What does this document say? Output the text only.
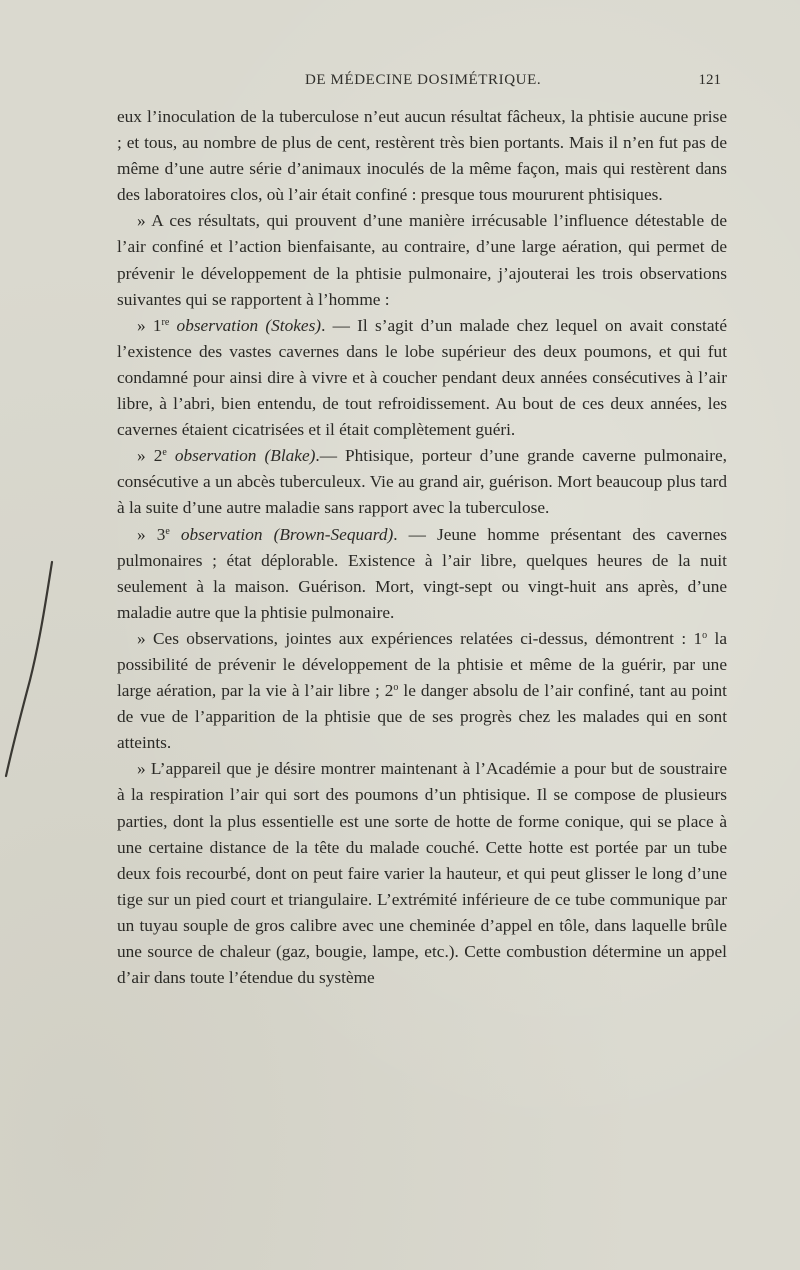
DE MÉDECINE DOSIMÉTRIQUE.	121

eux l’inoculation de la tuberculose n’eut aucun résultat fâcheux, la phtisie aucune prise ; et tous, au nombre de plus de cent, restèrent très bien portants. Mais il n’en fut pas de même d’une autre série d’animaux inoculés de la même façon, mais qui restèrent dans des laboratoires clos, où l’air était confiné : presque tous moururent phtisiques.

» A ces résultats, qui prouvent d’une manière irrécusable l’influence détestable de l’air confiné et l’action bienfaisante, au contraire, d’une large aération, qui permet de prévenir le développement de la phtisie pulmonaire, j’ajouterai les trois observations suivantes qui se rapportent à l’homme :

» 1re observation (Stokes). — Il s’agit d’un malade chez lequel on avait constaté l’existence des vastes cavernes dans le lobe supérieur des deux poumons, et qui fut condamné pour ainsi dire à vivre et à coucher pendant deux années consécutives à l’air libre, à l’abri, bien entendu, de tout refroidissement. Au bout de ces deux années, les cavernes étaient cicatrisées et il était complètement guéri.

» 2e observation (Blake).— Phtisique, porteur d’une grande caverne pulmonaire, consécutive a un abcès tuberculeux. Vie au grand air, guérison. Mort beaucoup plus tard à la suite d’une autre maladie sans rapport avec la tuberculose.

» 3e observation (Brown-Sequard). — Jeune homme présentant des cavernes pulmonaires ; état déplorable. Existence à l’air libre, quelques heures de la nuit seulement à la maison. Guérison. Mort, vingt-sept ou vingt-huit ans après, d’une maladie autre que la phtisie pulmonaire.

» Ces observations, jointes aux expériences relatées ci-dessus, démontrent : 1$^o$ la possibilité de prévenir le développement de la phtisie et même de la guérir, par une large aération, par la vie à l’air libre ; 2$^o$ le danger absolu de l’air confiné, tant au point de vue de l’apparition de la phtisie que de ses progrès chez les malades qui en sont atteints.

» L’appareil que je désire montrer maintenant à l’Académie a pour but de soustraire à la respiration l’air qui sort des poumons d’un phtisique. Il se compose de plusieurs parties, dont la plus essentielle est une sorte de hotte de forme conique, qui se place à une certaine distance de la tête du malade couché. Cette hotte est portée par un tube deux fois recourbé, dont on peut faire varier la hauteur, et qui peut glisser le long d’une tige sur un pied court et triangulaire. L’extrémité inférieure de ce tube communique par un tuyau souple de gros calibre avec une cheminée d’appel en tôle, dans laquelle brûle une source de chaleur (gaz, bougie, lampe, etc.). Cette combustion détermine un appel d’air dans toute l’étendue du système
